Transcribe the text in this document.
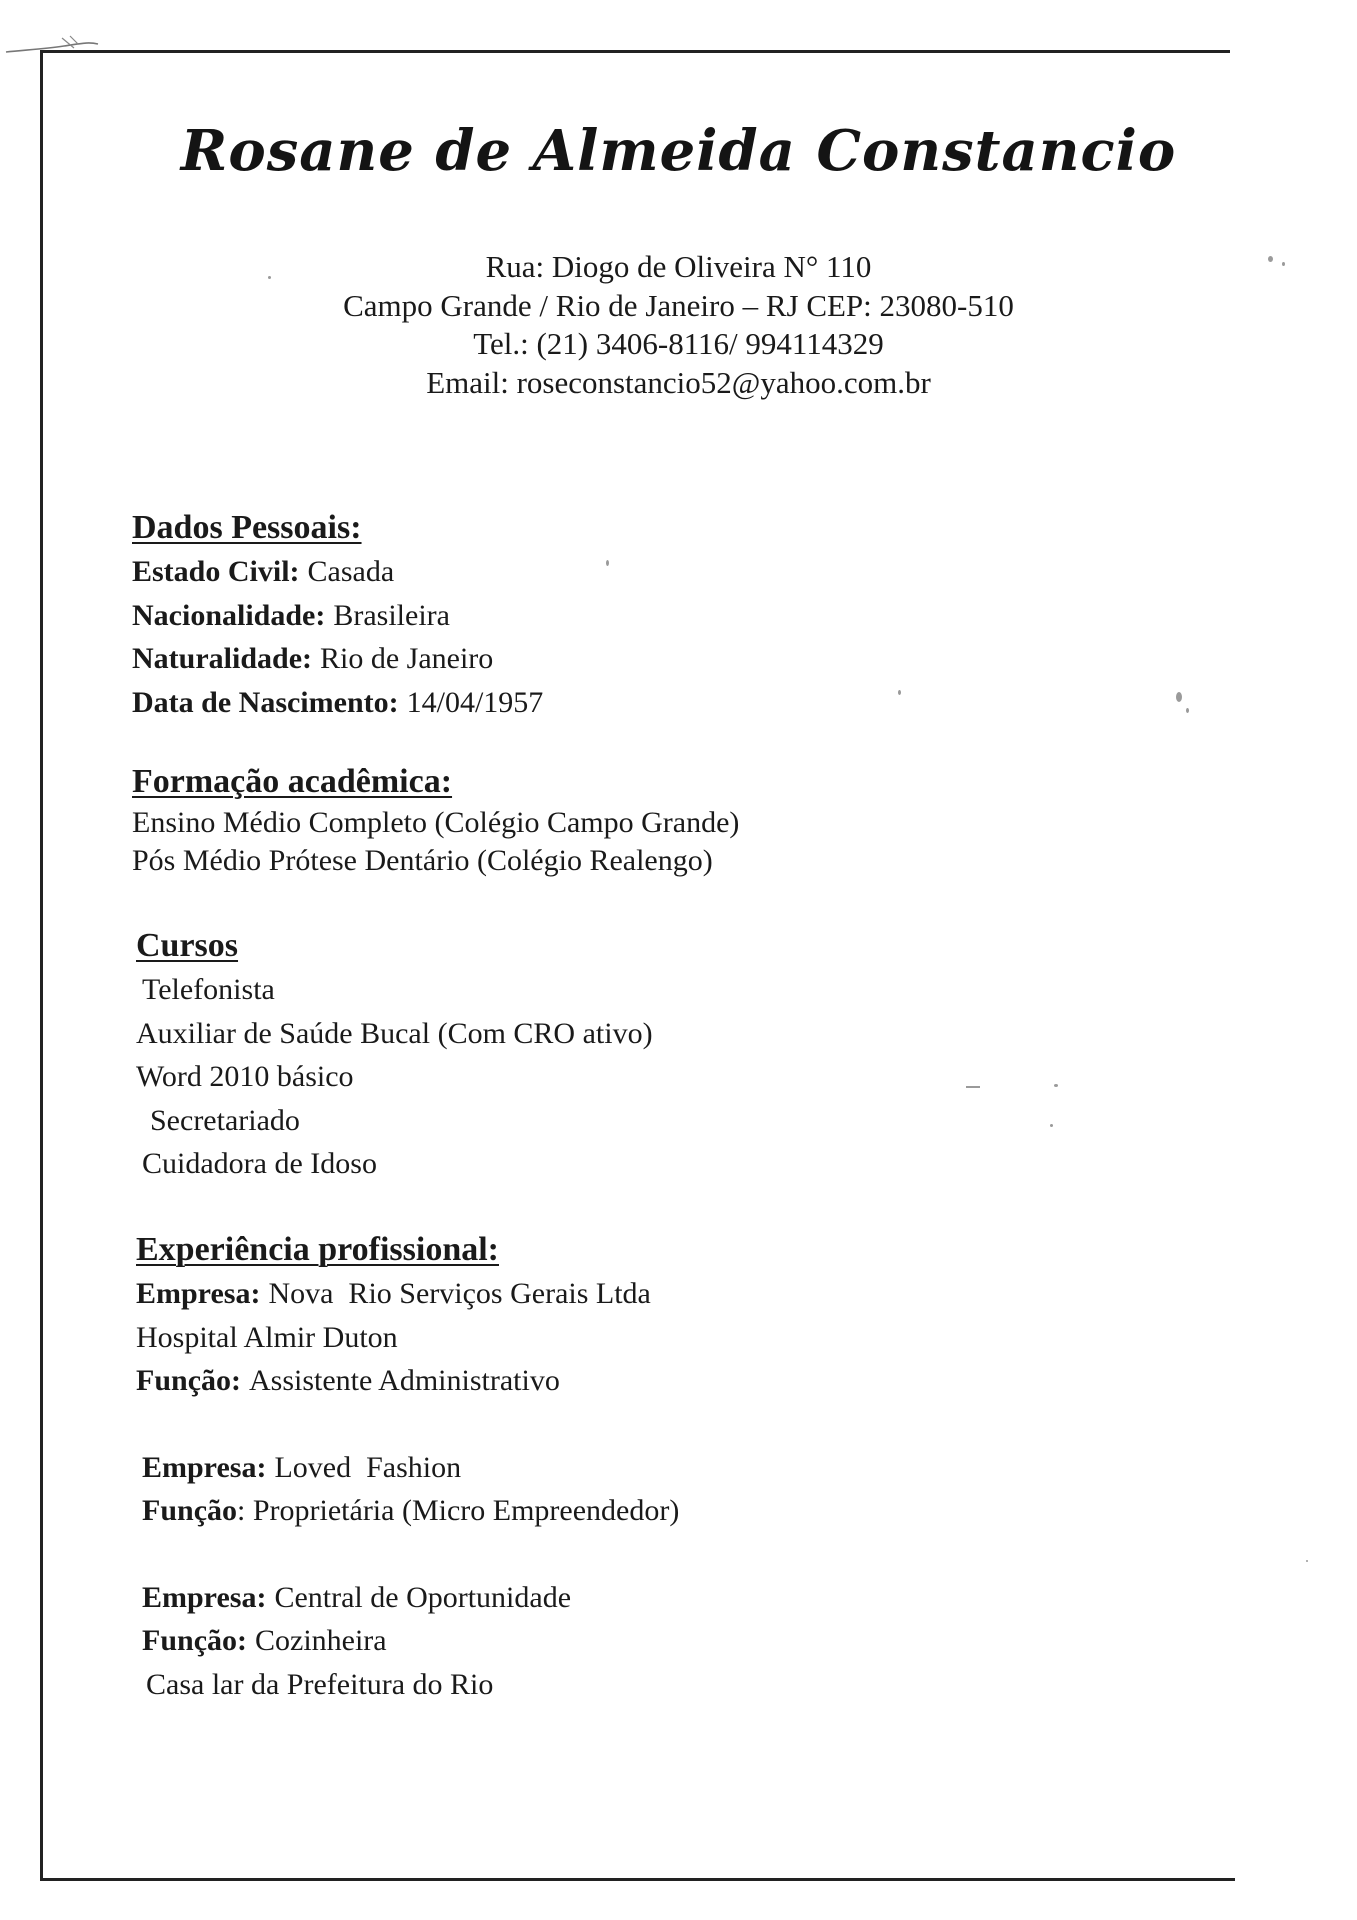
Rosane de Almeida Constancio
Rua: Diogo de Oliveira N° 110
Campo Grande / Rio de Janeiro – RJ CEP: 23080-510
Tel.: (21) 3406-8116/ 994114329
Email: roseconstancio52@yahoo.com.br
Dados Pessoais:
Estado Civil: Casada
Nacionalidade: Brasileira
Naturalidade: Rio de Janeiro
Data de Nascimento: 14/04/1957
Formação acadêmica:
Ensino Médio Completo (Colégio Campo Grande)
Pós Médio Prótese Dentário (Colégio Realengo)
Cursos
Telefonista
Auxiliar de Saúde Bucal (Com CRO ativo)
Word 2010 básico
Secretariado
Cuidadora de Idoso
Experiência profissional:
Empresa: Nova  Rio Serviços Gerais Ltda
Hospital Almir Duton
Função: Assistente Administrativo
Empresa: Loved  Fashion
Função: Proprietária (Micro Empreendedor)
Empresa: Central de Oportunidade
Função: Cozinheira
Casa lar da Prefeitura do Rio
